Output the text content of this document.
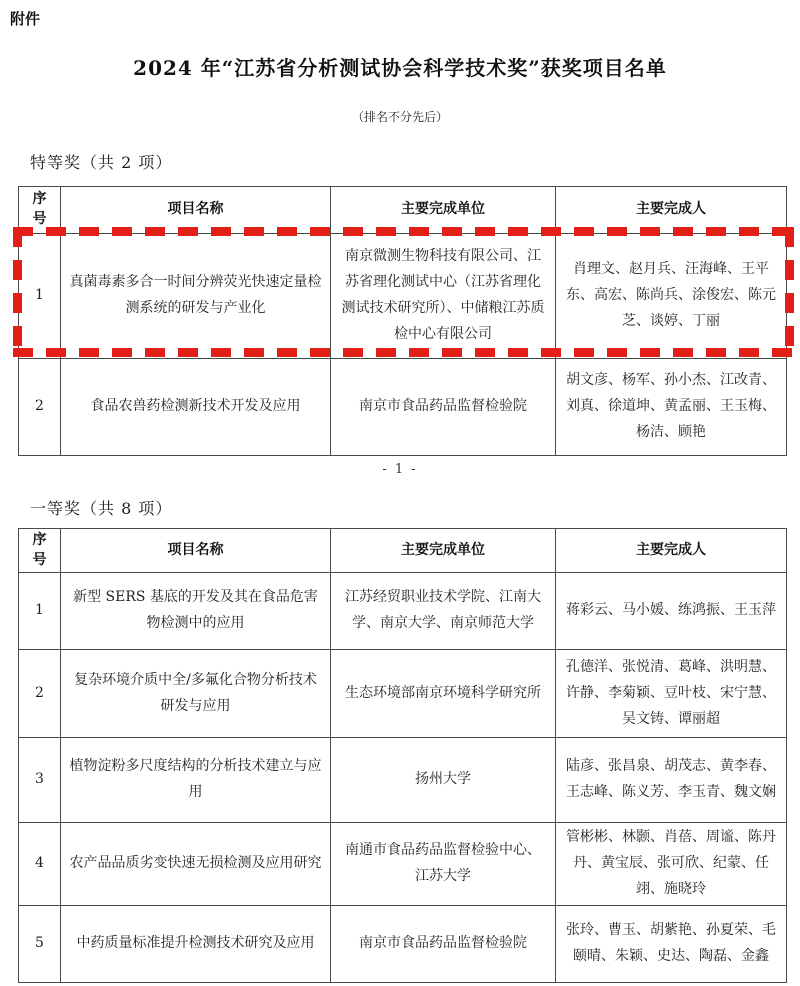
附件
2024 年“江苏省分析测试协会科学技术奖”获奖项目名单
（排名不分先后）
特等奖（共 2 项）
序号	项目名称	主要完成单位	主要完成人
1	真菌毒素多合一时间分辨荧光快速定量检测系统的研发与产业化	南京微测生物科技有限公司、江苏省理化测试中心（江苏省理化测试技术研究所）、中储粮江苏质检中心有限公司	肖理文、赵月兵、汪海峰、王平东、高宏、陈尚兵、涂俊宏、陈元芝、谈婷、丁丽
2	食品农兽药检测新技术开发及应用	南京市食品药品监督检验院	胡文彦、杨军、孙小杰、江改青、刘真、徐道坤、黄孟丽、王玉梅、杨洁、顾艳
- 1 -
一等奖（共 8 项）
序号	项目名称	主要完成单位	主要完成人
1	新型 SERS 基底的开发及其在食品危害物检测中的应用	江苏经贸职业技术学院、江南大学、南京大学、南京师范大学	蒋彩云、马小媛、练鸿振、王玉萍
2	复杂环境介质中全/多氟化合物分析技术研发与应用	生态环境部南京环境科学研究所	孔德洋、张悦清、葛峰、洪明慧、许静、李菊颖、豆叶枝、宋宁慧、吴文铸、谭丽超
3	植物淀粉多尺度结构的分析技术建立与应用	扬州大学	陆彦、张昌泉、胡茂志、黄李春、王志峰、陈义芳、李玉青、魏文娴
4	农产品品质劣变快速无损检测及应用研究	南通市食品药品监督检验中心、江苏大学	管彬彬、林颢、肖蓓、周谧、陈丹丹、黄宝辰、张可欣、纪蒙、任翊、施晓玲
5	中药质量标准提升检测技术研究及应用	南京市食品药品监督检验院	张玲、曹玉、胡紫艳、孙夏荣、毛颐晴、朱颖、史达、陶磊、金鑫
